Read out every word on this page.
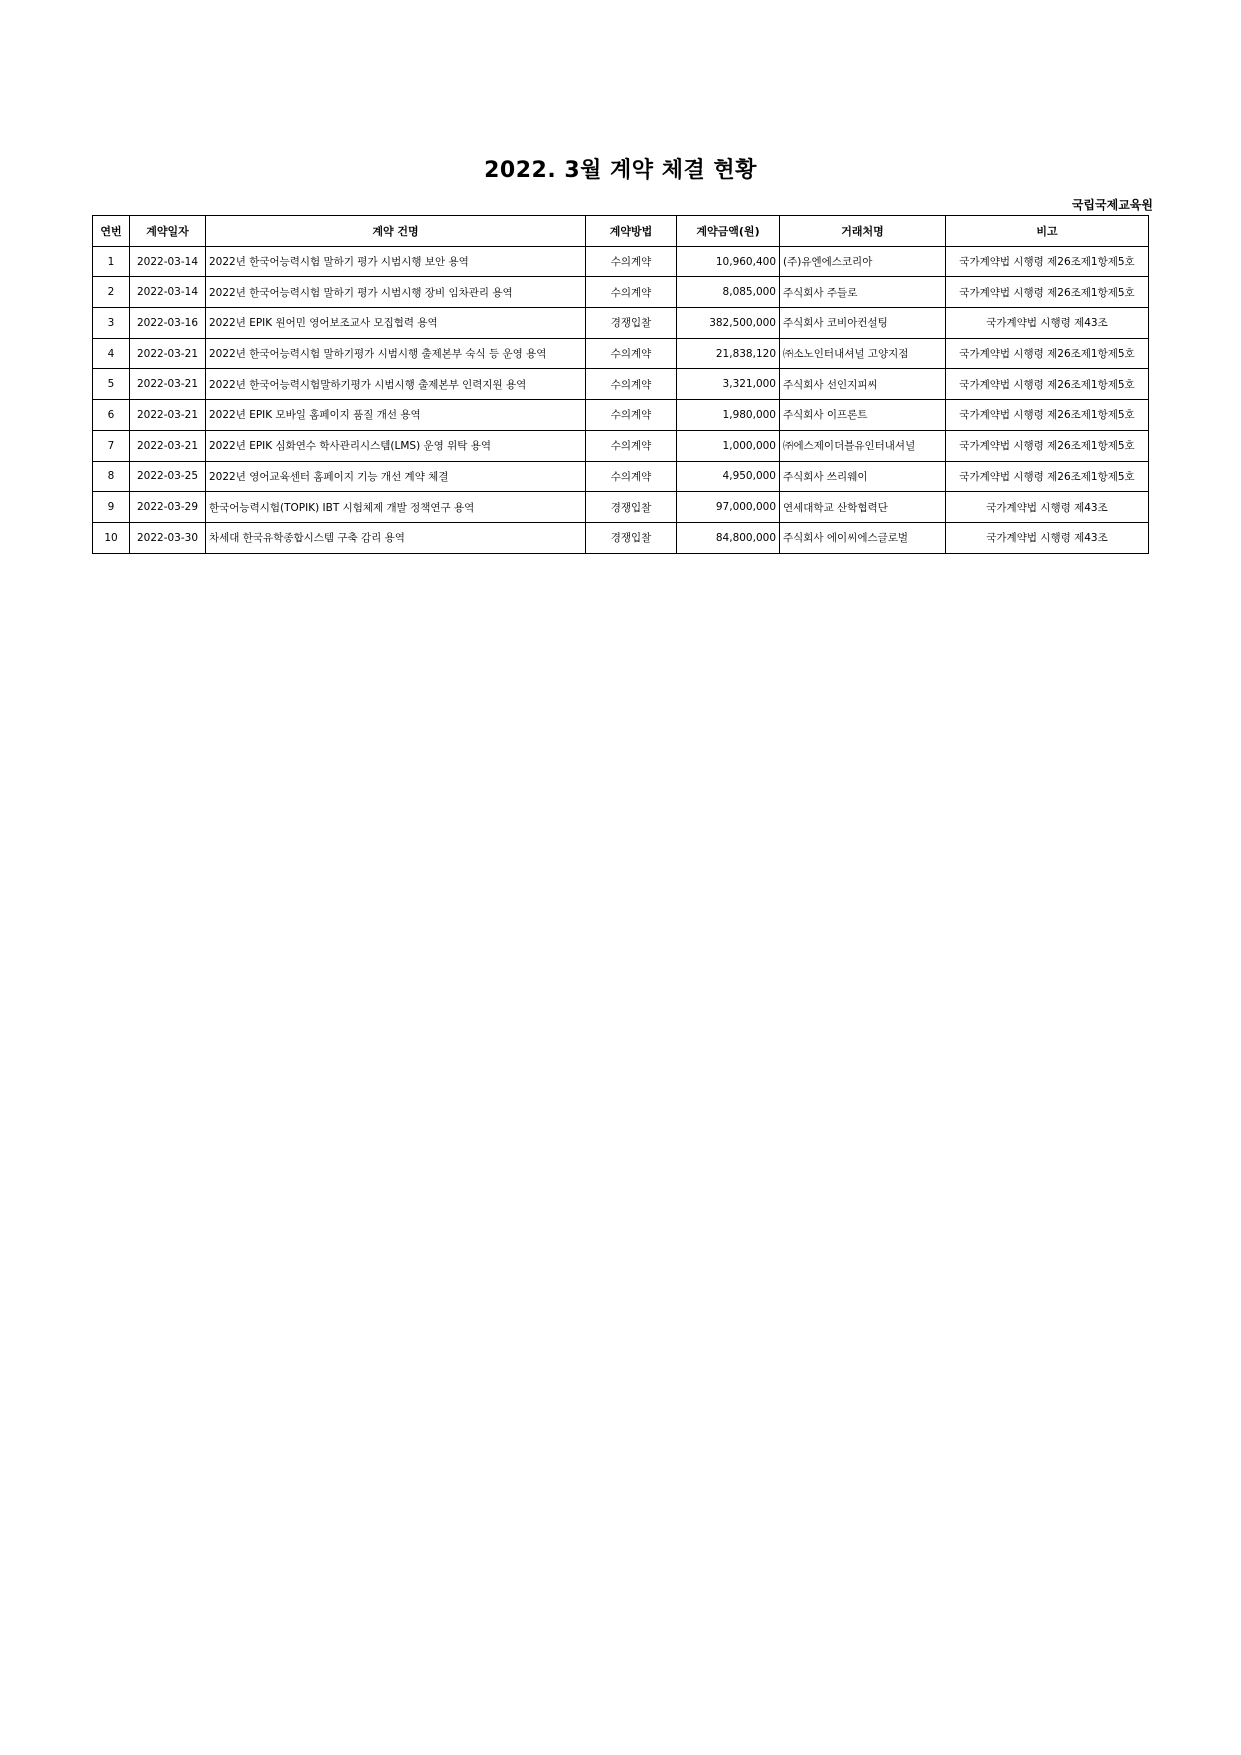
2022. 3월 계약 체결 현황
국립국제교육원
연번	계약일자	계약 건명	계약방법	계약금액(원)	거래처명	비고
1	2022-03-14	2022년 한국어능력시험 말하기 평가 시범시행 보안 용역	수의계약	10,960,400	(주)유엔에스코리아	국가계약법 시행령 제26조제1항제5호
2	2022-03-14	2022년 한국어능력시험 말하기 평가 시범시행 장비 임차관리 용역	수의계약	8,085,000	주식회사 주들로	국가계약법 시행령 제26조제1항제5호
3	2022-03-16	2022년 EPIK 원어민 영어보조교사 모집협력 용역	경쟁입찰	382,500,000	주식회사 코비아컨설팅	국가계약법 시행령 제43조
4	2022-03-21	2022년 한국어능력시험 말하기평가 시범시행 출제본부 숙식 등 운영 용역	수의계약	21,838,120	㈜소노인터내셔널 고양지점	국가계약법 시행령 제26조제1항제5호
5	2022-03-21	2022년 한국어능력시험말하기평가 시범시행 출제본부 인력지원 용역	수의계약	3,321,000	주식회사 선인지피씨	국가계약법 시행령 제26조제1항제5호
6	2022-03-21	2022년 EPIK 모바일 홈페이지 품질 개선 용역	수의계약	1,980,000	주식회사 이프론트	국가계약법 시행령 제26조제1항제5호
7	2022-03-21	2022년 EPIK 심화연수 학사관리시스템(LMS) 운영 위탁 용역	수의계약	1,000,000	㈜에스제이더블유인터내셔널	국가계약법 시행령 제26조제1항제5호
8	2022-03-25	2022년 영어교육센터 홈페이지 기능 개선 계약 체결	수의계약	4,950,000	주식회사 쓰리웨이	국가계약법 시행령 제26조제1항제5호
9	2022-03-29	한국어능력시험(TOPIK) IBT 시험체제 개발 정책연구 용역	경쟁입찰	97,000,000	연세대학교 산학협력단	국가계약법 시행령 제43조
10	2022-03-30	차세대 한국유학종합시스템 구축 감리 용역	경쟁입찰	84,800,000	주식회사 에이씨에스글로벌	국가계약법 시행령 제43조
